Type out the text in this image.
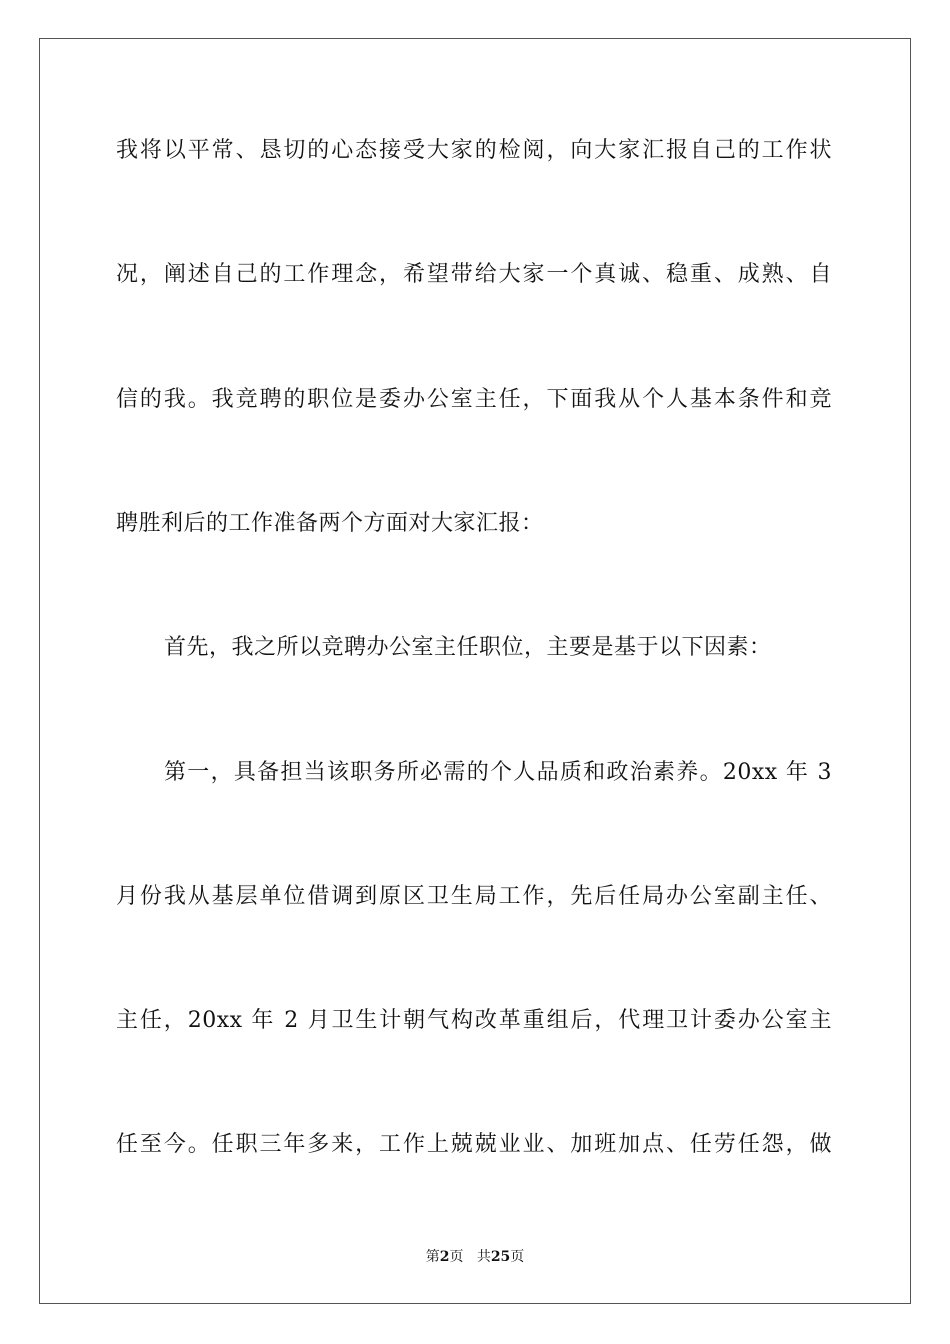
我将以平常、恳切的心态接受大家的检阅，向大家汇报自己的工作状
况，阐述自己的工作理念，希望带给大家一个真诚、稳重、成熟、自
信的我。我竞聘的职位是委办公室主任，下面我从个人基本条件和竞
聘胜利后的工作准备两个方面对大家汇报：
首先，我之所以竞聘办公室主任职位，主要是基于以下因素：
第一，具备担当该职务所必需的个人品质和政治素养。20xx 年 3
月份我从基层单位借调到原区卫生局工作，先后任局办公室副主任、
主任，20xx 年 2 月卫生计朝气构改革重组后，代理卫计委办公室主
任至今。任职三年多来，工作上兢兢业业、加班加点、任劳任怨，做
第2页 共25页
